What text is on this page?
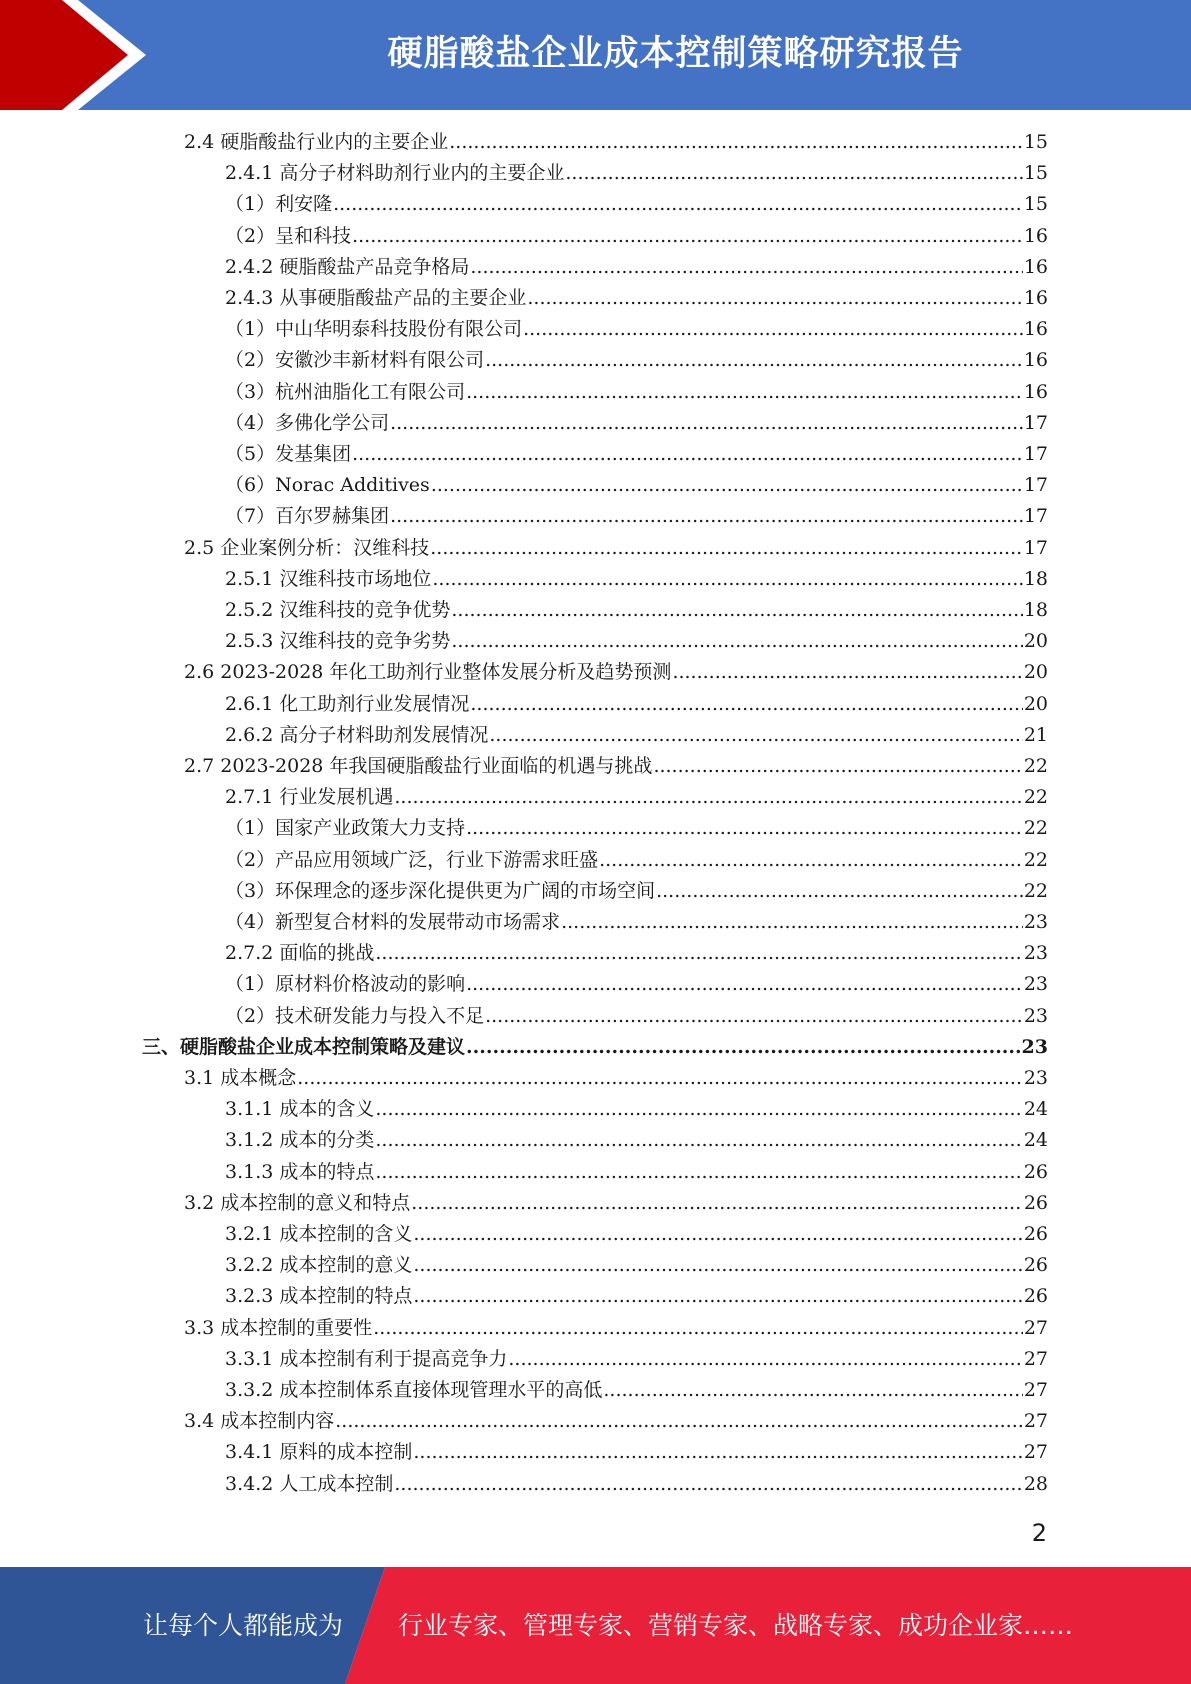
硬脂酸盐企业成本控制策略研究报告
2.4 硬脂酸盐行业内的主要企业 .....	15
2.4.1 高分子材料助剂行业内的主要企业 .....	15
（1）利安隆 .....	15
（2）呈和科技 .....	16
2.4.2 硬脂酸盐产品竞争格局 .....	16
2.4.3 从事硬脂酸盐产品的主要企业 .....	16
（1）中山华明泰科技股份有限公司 .....	16
（2）安徽沙丰新材料有限公司 .....	16
（3）杭州油脂化工有限公司 .....	16
（4）多佛化学公司 .....	17
（5）发基集团 .....	17
（6）Norac Additives .....	17
（7）百尔罗赫集团 .....	17
2.5 企业案例分析：汉维科技 .....	17
2.5.1 汉维科技市场地位 .....	18
2.5.2 汉维科技的竞争优势 .....	18
2.5.3 汉维科技的竞争劣势 .....	20
2.6 2023-2028 年化工助剂行业整体发展分析及趋势预测 .....	20
2.6.1 化工助剂行业发展情况 .....	20
2.6.2 高分子材料助剂发展情况 .....	21
2.7 2023-2028 年我国硬脂酸盐行业面临的机遇与挑战 .....	22
2.7.1 行业发展机遇 .....	22
（1）国家产业政策大力支持 .....	22
（2）产品应用领域广泛，行业下游需求旺盛 .....	22
（3）环保理念的逐步深化提供更为广阔的市场空间 .....	22
（4）新型复合材料的发展带动市场需求 .....	23
2.7.2 面临的挑战 .....	23
（1）原材料价格波动的影响 .....	23
（2）技术研发能力与投入不足 .....	23
三、硬脂酸盐企业成本控制策略及建议 .....	23
3.1 成本概念 .....	23
3.1.1 成本的含义 .....	24
3.1.2 成本的分类 .....	24
3.1.3 成本的特点 .....	26
3.2 成本控制的意义和特点 .....	26
3.2.1 成本控制的含义 .....	26
3.2.2 成本控制的意义 .....	26
3.2.3 成本控制的特点 .....	26
3.3 成本控制的重要性 .....	27
3.3.1 成本控制有利于提高竞争力 .....	27
3.3.2 成本控制体系直接体现管理水平的高低 .....	27
3.4 成本控制内容 .....	27
3.4.1 原料的成本控制 .....	27
3.4.2 人工成本控制 .....	28
2
让每个人都能成为 行业专家、管理专家、营销专家、战略专家、成功企业家……
